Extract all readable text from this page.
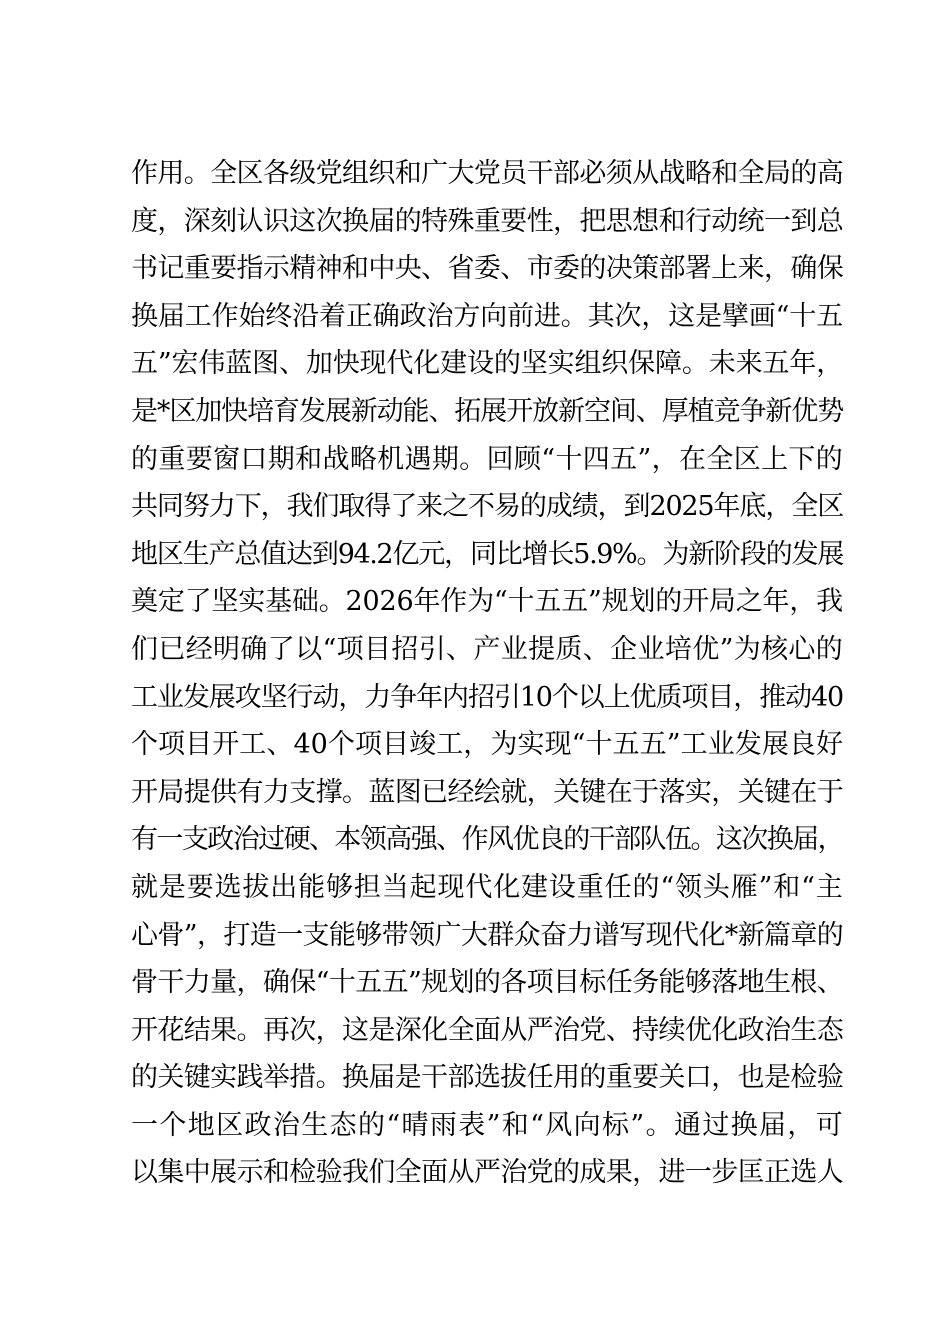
作用。全区各级党组织和广大党员干部必须从战略和全局的高
度，深刻认识这次换届的特殊重要性，把思想和行动统一到总
书记重要指示精神和中央、省委、市委的决策部署上来，确保
换届工作始终沿着正确政治方向前进。其次，这是擘画“十五
五”宏伟蓝图、加快现代化建设的坚实组织保障。未来五年，
是*区加快培育发展新动能、拓展开放新空间、厚植竞争新优势
的重要窗口期和战略机遇期。回顾“十四五”，在全区上下的
共同努力下，我们取得了来之不易的成绩，到2025年底，全区
地区生产总值达到94.2亿元，同比增长5.9%。为新阶段的发展
奠定了坚实基础。2026年作为“十五五”规划的开局之年，我
们已经明确了以“项目招引、产业提质、企业培优”为核心的
工业发展攻坚行动，力争年内招引10个以上优质项目，推动40
个项目开工、40个项目竣工，为实现“十五五”工业发展良好
开局提供有力支撑。蓝图已经绘就，关键在于落实，关键在于
有一支政治过硬、本领高强、作风优良的干部队伍。这次换届，
就是要选拔出能够担当起现代化建设重任的“领头雁”和“主
心骨”，打造一支能够带领广大群众奋力谱写现代化*新篇章的
骨干力量，确保“十五五”规划的各项目标任务能够落地生根、
开花结果。再次，这是深化全面从严治党、持续优化政治生态
的关键实践举措。换届是干部选拔任用的重要关口，也是检验
一个地区政治生态的“晴雨表”和“风向标”。通过换届，可
以集中展示和检验我们全面从严治党的成果，进一步匡正选人
